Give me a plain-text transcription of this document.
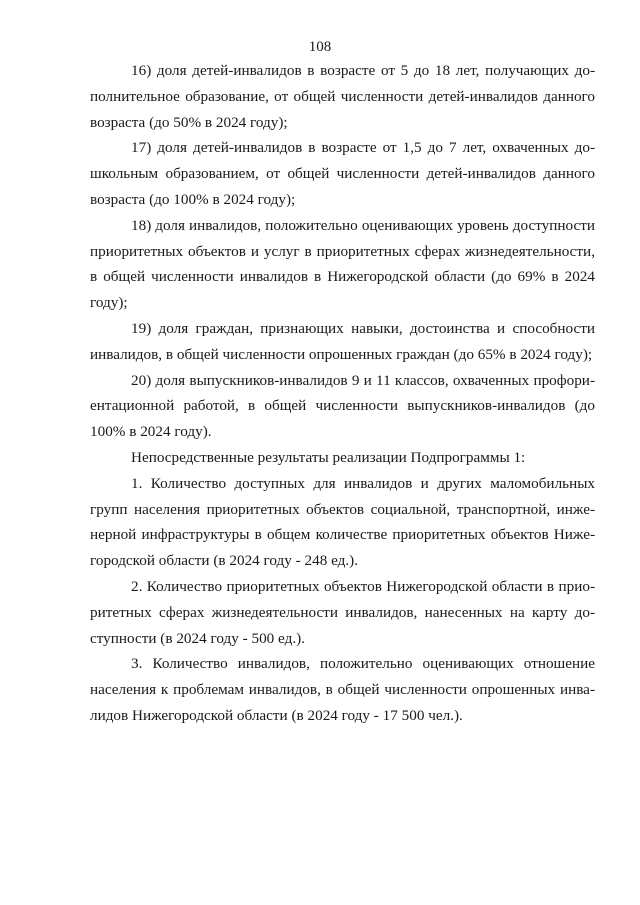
108

16) доля детей-инвалидов в возрасте от 5 до 18 лет, получающих дополнительное образование, от общей численности детей-инвалидов данного возраста (до 50% в 2024 году);

17) доля детей-инвалидов в возрасте от 1,5 до 7 лет, охваченных дошкольным образованием, от общей численности детей-инвалидов данного возраста (до 100% в 2024 году);

18) доля инвалидов, положительно оценивающих уровень доступности приоритетных объектов и услуг в приоритетных сферах жизнедеятельности, в общей численности инвалидов в Нижегородской области (до 69% в 2024 году);

19) доля граждан, признающих навыки, достоинства и способности инвалидов, в общей численности опрошенных граждан (до 65% в 2024 году);

20) доля выпускников-инвалидов 9 и 11 классов, охваченных профориентационной работой, в общей численности выпускников-инвалидов (до 100% в 2024 году).

Непосредственные результаты реализации Подпрограммы 1:

1. Количество доступных для инвалидов и других маломобильных групп населения приоритетных объектов социальной, транспортной, инженерной инфраструктуры в общем количестве приоритетных объектов Нижегородской области (в 2024 году - 248 ед.).

2. Количество приоритетных объектов Нижегородской области в приоритетных сферах жизнедеятельности инвалидов, нанесенных на карту доступности (в 2024 году - 500 ед.).

3. Количество инвалидов, положительно оценивающих отношение населения к проблемам инвалидов, в общей численности опрошенных инвалидов Нижегородской области (в 2024 году - 17 500 чел.).
